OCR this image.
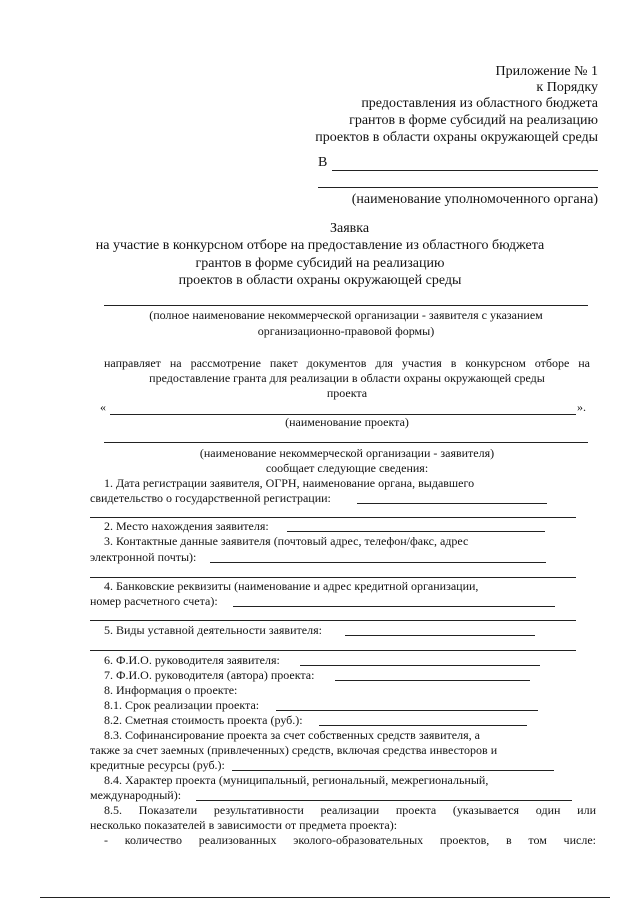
Приложение № 1
к Порядку
предоставления из областного бюджета
грантов в форме субсидий на реализацию
проектов в области охраны окружающей среды
В
(наименование уполномоченного органа)
Заявка
на участие в конкурсном отборе на предоставление из областного бюджета
грантов в форме субсидий на реализацию
проектов в области охраны окружающей среды
(полное наименование некоммерческой организации - заявителя с указанием
организационно-правовой формы)
направляет на рассмотрение пакет документов для участия в конкурсном отборе на
предоставление гранта для реализации в области охраны окружающей среды
проекта
«	».
(наименование проекта)
(наименование некоммерческой организации - заявителя)
сообщает следующие сведения:
1. Дата регистрации заявителя, ОГРН, наименование органа, выдавшего
свидетельство о государственной регистрации:
2. Место нахождения заявителя:
3. Контактные данные заявителя (почтовый адрес, телефон/факс, адрес
электронной почты):
4. Банковские реквизиты (наименование и адрес кредитной организации,
номер расчетного счета):
5. Виды уставной деятельности заявителя:
6. Ф.И.О. руководителя заявителя:
7. Ф.И.О. руководителя (автора) проекта:
8. Информация о проекте:
8.1. Срок реализации проекта:
8.2. Сметная стоимость проекта (руб.):
8.3. Софинансирование проекта за счет собственных средств заявителя, а
также за счет заемных (привлеченных) средств, включая средства инвесторов и
кредитные ресурсы (руб.):
8.4. Характер проекта (муниципальный, региональный, межрегиональный,
международный):
8.5. Показатели результативности реализации проекта (указывается один или
несколько показателей в зависимости от предмета проекта):
- количество реализованных эколого-образовательных проектов, в том числе:
